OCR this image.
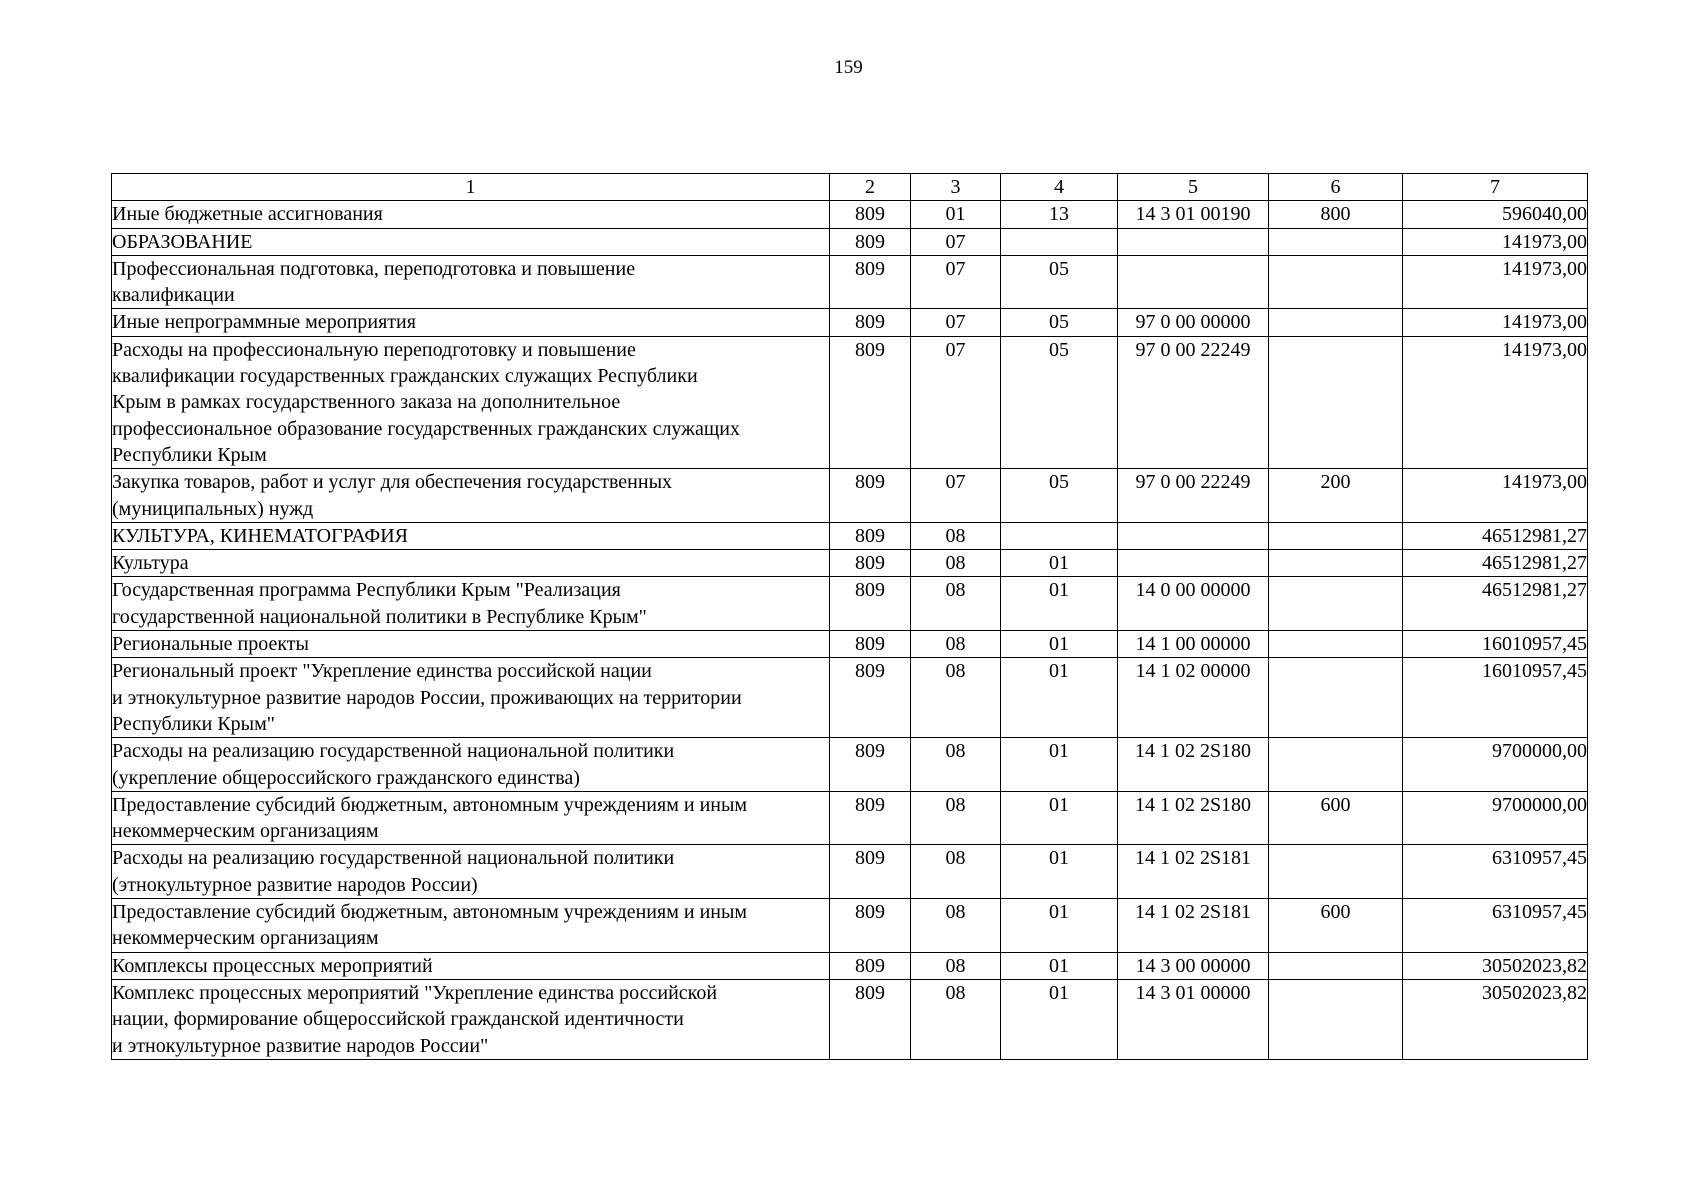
159
1	2	3	4	5	6	7

Иные бюджетные ассигнования	809	01	13	14 3 01 00190	800	596040,00

ОБРАЗОВАНИЕ	809	07				141973,00

Профессиональная подготовка, переподготовка и повышение
квалификации	809	07	05			141973,00

Иные непрограммные мероприятия	809	07	05	97 0 00 00000		141973,00

Расходы на профессиональную переподготовку и повышение
квалификации государственных гражданских служащих Республики
Крым в рамках государственного заказа на дополнительное
профессиональное образование государственных гражданских служащих
Республики Крым	809	07	05	97 0 00 22249		141973,00

Закупка товаров, работ и услуг для обеспечения государственных
(муниципальных) нужд	809	07	05	97 0 00 22249	200	141973,00

КУЛЬТУРА, КИНЕМАТОГРАФИЯ	809	08				46512981,27

Культура	809	08	01			46512981,27

Государственная программа Республики Крым "Реализация
государственной национальной политики в Республике Крым"	809	08	01	14 0 00 00000		46512981,27

Региональные проекты	809	08	01	14 1 00 00000		16010957,45

Региональный проект "Укрепление единства российской нации
и этнокультурное развитие народов России, проживающих на территории
Республики Крым"	809	08	01	14 1 02 00000		16010957,45

Расходы на реализацию государственной национальной политики
(укрепление общероссийского гражданского единства)	809	08	01	14 1 02 2S180		9700000,00

Предоставление субсидий бюджетным, автономным учреждениям и иным
некоммерческим организациям	809	08	01	14 1 02 2S180	600	9700000,00

Расходы на реализацию государственной национальной политики
(этнокультурное развитие народов России)	809	08	01	14 1 02 2S181		6310957,45

Предоставление субсидий бюджетным, автономным учреждениям и иным
некоммерческим организациям	809	08	01	14 1 02 2S181	600	6310957,45

Комплексы процессных мероприятий	809	08	01	14 3 00 00000		30502023,82

Комплекс процессных мероприятий "Укрепление единства российской
нации, формирование общероссийской гражданской идентичности
и этнокультурное развитие народов России"	809	08	01	14 3 01 00000		30502023,82
